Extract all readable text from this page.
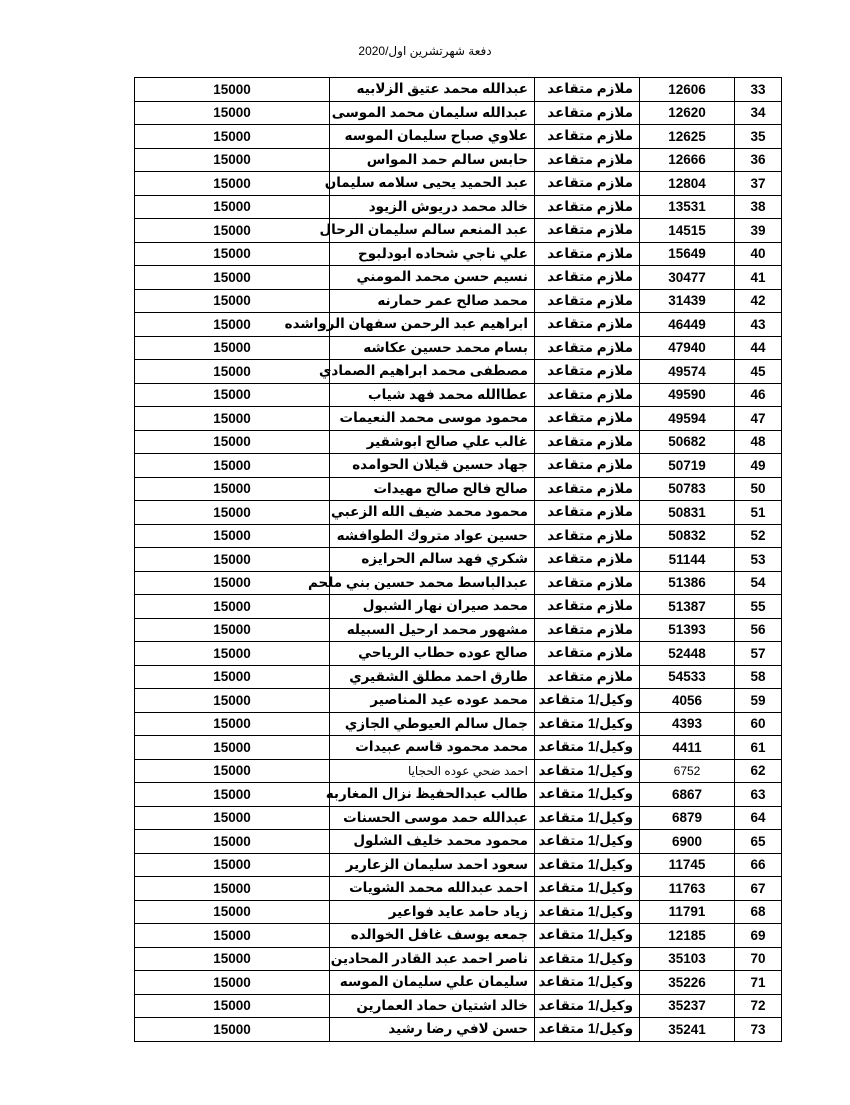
دفعة شهرتشرين اول/2020
33	12606	ملازم متقاعد	عبدالله محمد عتيق الزلابيه	15000
34	12620	ملازم متقاعد	عبدالله سليمان محمد الموسى	15000
35	12625	ملازم متقاعد	علاوي صباح سليمان الموسه	15000
36	12666	ملازم متقاعد	حابس سالم حمد المواس	15000
37	12804	ملازم متقاعد	عبد الحميد يحيى سلامه سليمان	15000
38	13531	ملازم متقاعد	خالد محمد دريوش الزيود	15000
39	14515	ملازم متقاعد	عبد المنعم سالم سليمان الرحال	15000
40	15649	ملازم متقاعد	علي ناجي شحاده ابودلبوح	15000
41	30477	ملازم متقاعد	نسيم حسن محمد المومني	15000
42	31439	ملازم متقاعد	محمد صالح عمر حمارنه	15000
43	46449	ملازم متقاعد	ابراهيم عبد الرحمن سفهان الرواشده	15000
44	47940	ملازم متقاعد	بسام محمد حسين عكاشه	15000
45	49574	ملازم متقاعد	مصطفى محمد ابراهيم الصمادي	15000
46	49590	ملازم متقاعد	عطاالله محمد فهد شياب	15000
47	49594	ملازم متقاعد	محمود موسى محمد النعيمات	15000
48	50682	ملازم متقاعد	غالب علي صالح ابوشقير	15000
49	50719	ملازم متقاعد	جهاد حسين قيلان الحوامده	15000
50	50783	ملازم متقاعد	صالح فالح صالح مهيدات	15000
51	50831	ملازم متقاعد	محمود محمد ضيف الله الزعبي	15000
52	50832	ملازم متقاعد	حسين عواد متروك الطوافشه	15000
53	51144	ملازم متقاعد	شكري فهد سالم الحرايزه	15000
54	51386	ملازم متقاعد	عبدالباسط محمد حسين بني ملحم	15000
55	51387	ملازم متقاعد	محمد صيران نهار الشبول	15000
56	51393	ملازم متقاعد	مشهور محمد ارحيل السبيله	15000
57	52448	ملازم متقاعد	صالح عوده حطاب الرياحي	15000
58	54533	ملازم متقاعد	طارق احمد مطلق الشقيري	15000
59	4056	وكيل/1 متقاعد	محمد عوده عيد المناصير	15000
60	4393	وكيل/1 متقاعد	جمال سالم العيوطي الجازي	15000
61	4411	وكيل/1 متقاعد	محمد محمود قاسم عبيدات	15000
62	6752	وكيل/1 متقاعد	احمد ضحي عوده الحجايا	15000
63	6867	وكيل/1 متقاعد	طالب عبدالحفيظ نزال المغاربه	15000
64	6879	وكيل/1 متقاعد	عبدالله حمد موسى الحسنات	15000
65	6900	وكيل/1 متقاعد	محمود محمد خليف الشلول	15000
66	11745	وكيل/1 متقاعد	سعود احمد سليمان الزعارير	15000
67	11763	وكيل/1 متقاعد	احمد عبدالله محمد الشويات	15000
68	11791	وكيل/1 متقاعد	زياد حامد عايد فواعير	15000
69	12185	وكيل/1 متقاعد	جمعه يوسف غافل الخوالده	15000
70	35103	وكيل/1 متقاعد	ناصر احمد عبد القادر المحادين	15000
71	35226	وكيل/1 متقاعد	سليمان علي سليمان الموسه	15000
72	35237	وكيل/1 متقاعد	خالد اشتيان حماد العمارين	15000
73	35241	وكيل/1 متقاعد	حسن لافي رضا رشيد	15000
